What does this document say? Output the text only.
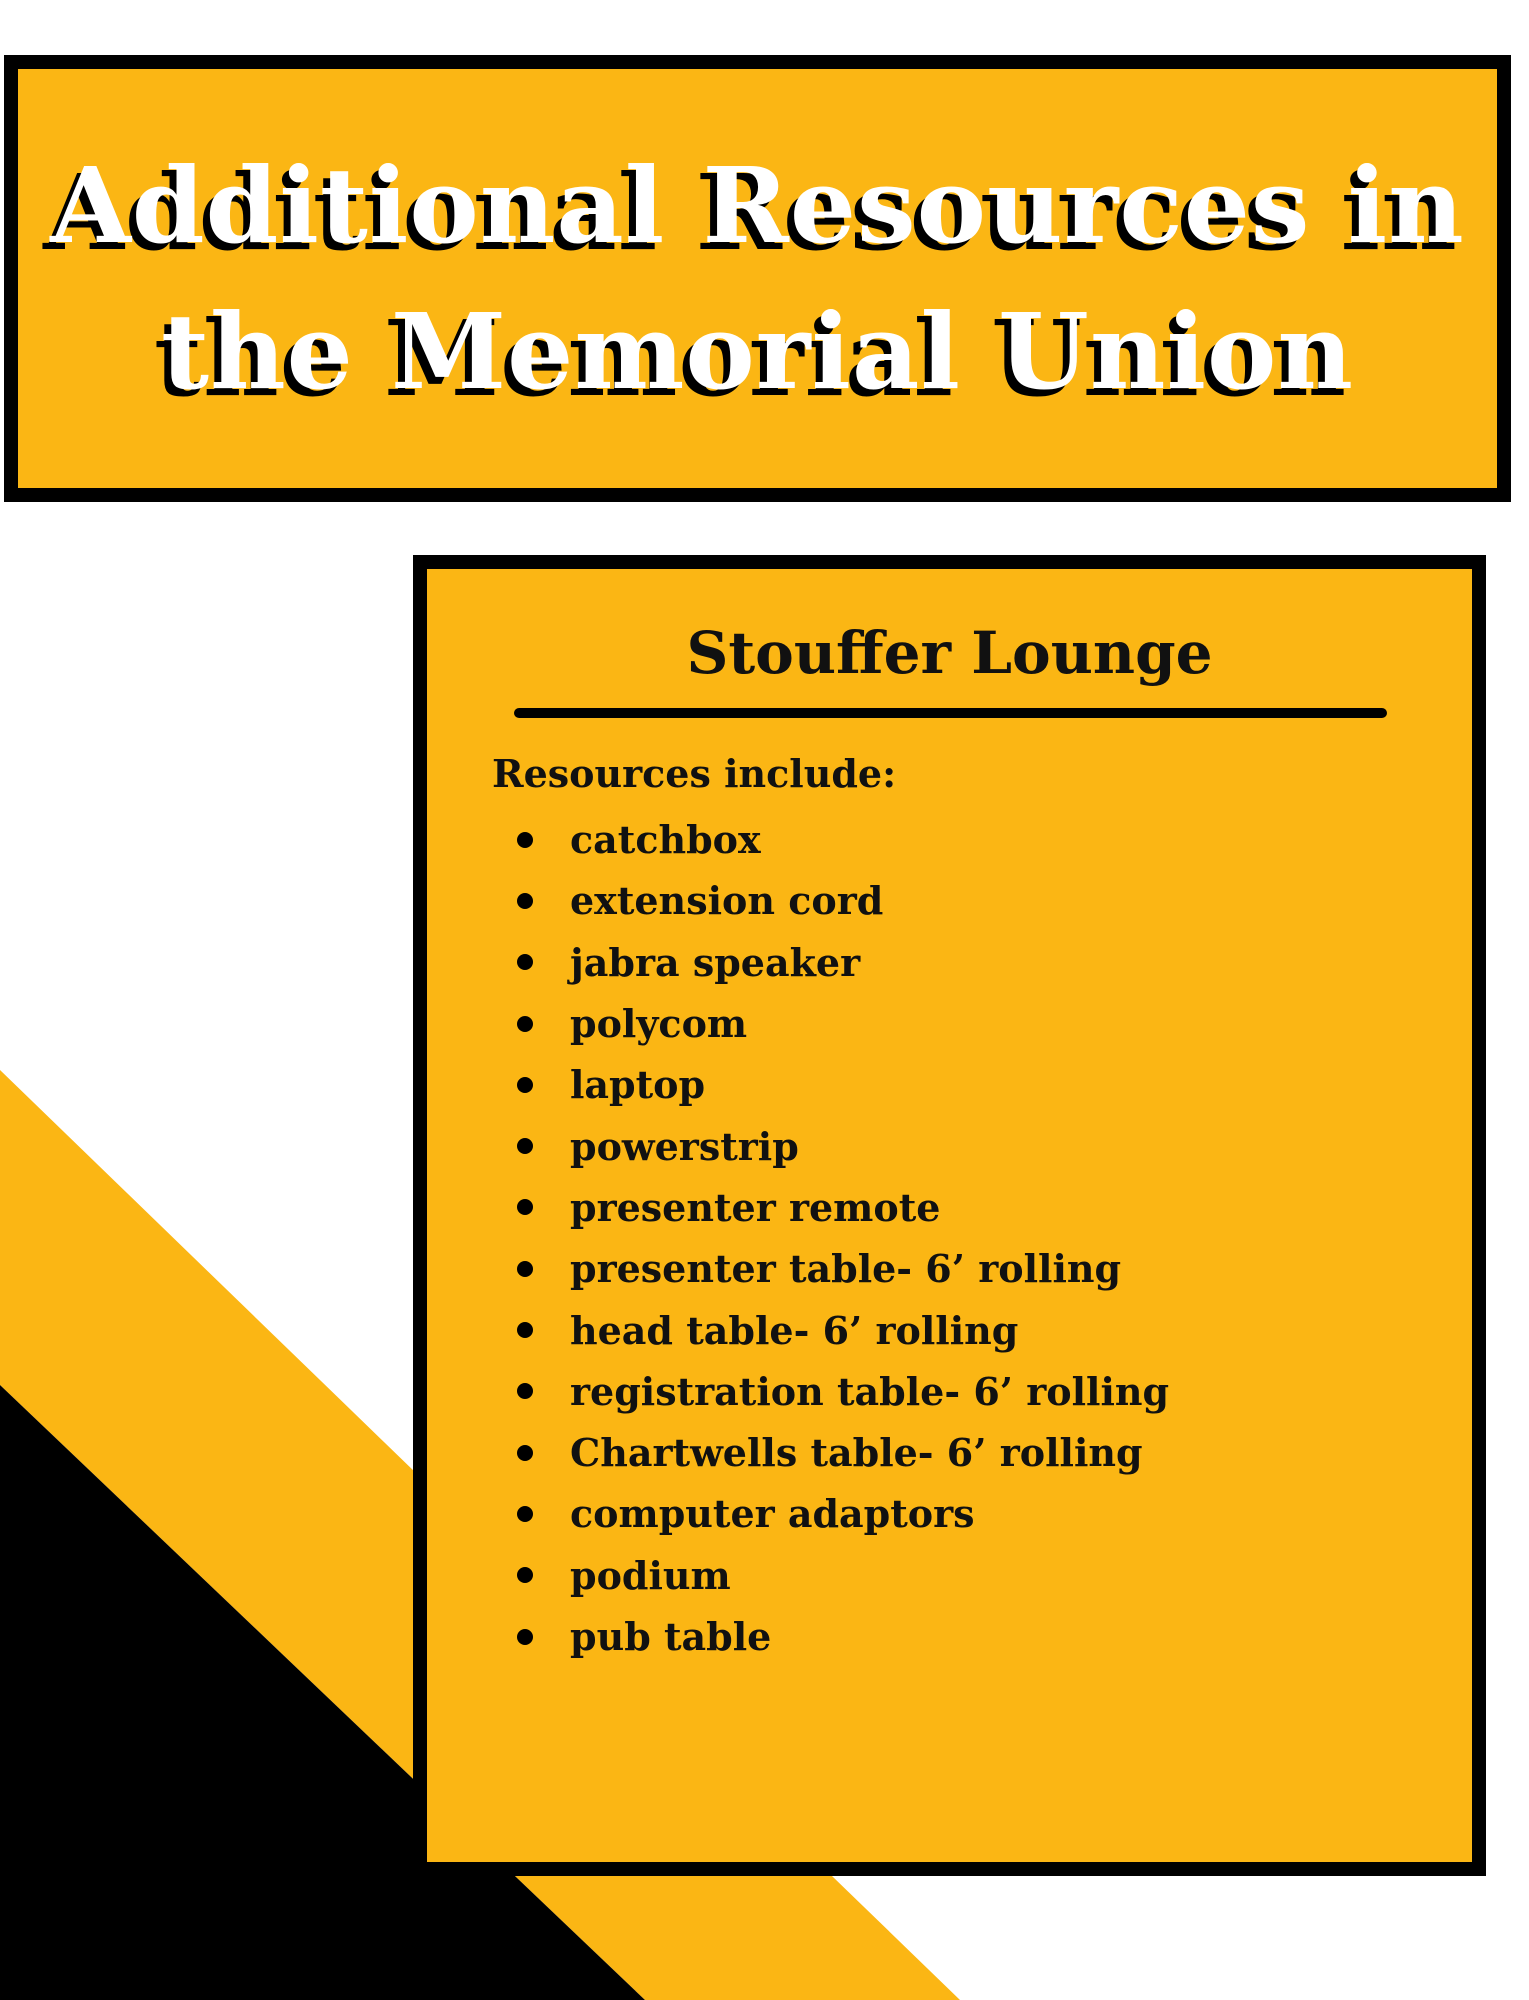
Additional Resources in
the Memorial Union
Stouffer Lounge
Resources include:
catchbox
extension cord
jabra speaker
polycom
laptop
powerstrip
presenter remote
presenter table- 6’ rolling
head table- 6’ rolling
registration table- 6’ rolling
Chartwells table- 6’ rolling
computer adaptors
podium
pub table
